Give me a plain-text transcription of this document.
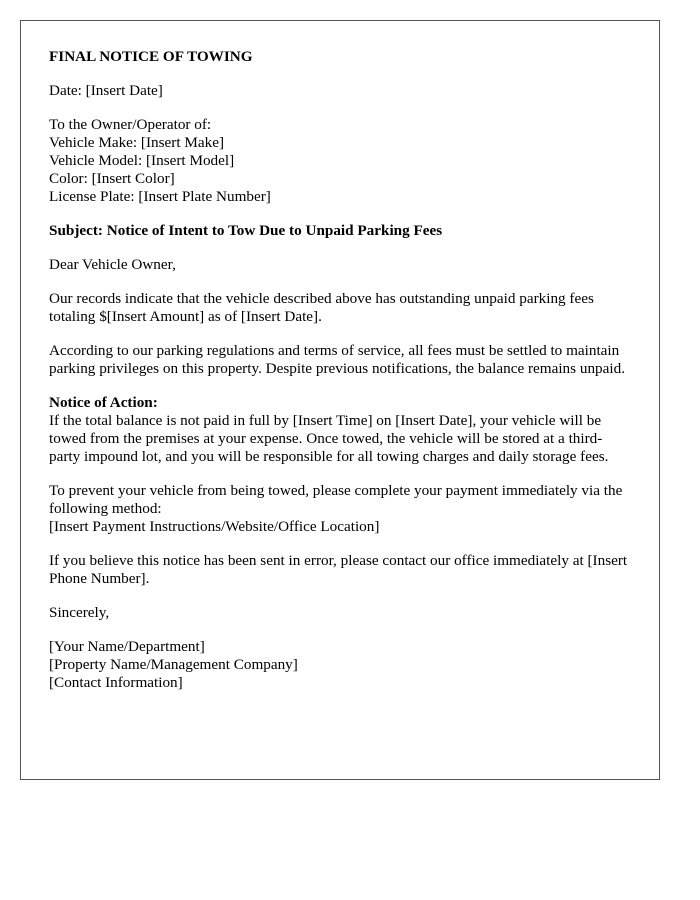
FINAL NOTICE OF TOWING
Date: [Insert Date]
To the Owner/Operator of:
Vehicle Make: [Insert Make]
Vehicle Model: [Insert Model]
Color: [Insert Color]
License Plate: [Insert Plate Number]
Subject: Notice of Intent to Tow Due to Unpaid Parking Fees
Dear Vehicle Owner,
Our records indicate that the vehicle described above has outstanding unpaid parking fees totaling $[Insert Amount] as of [Insert Date].
According to our parking regulations and terms of service, all fees must be settled to maintain parking privileges on this property. Despite previous notifications, the balance remains unpaid.
Notice of Action:
If the total balance is not paid in full by [Insert Time] on [Insert Date], your vehicle will be towed from the premises at your expense. Once towed, the vehicle will be stored at a third-party impound lot, and you will be responsible for all towing charges and daily storage fees.
To prevent your vehicle from being towed, please complete your payment immediately via the following method:
[Insert Payment Instructions/Website/Office Location]
If you believe this notice has been sent in error, please contact our office immediately at [Insert Phone Number].
Sincerely,
[Your Name/Department]
[Property Name/Management Company]
[Contact Information]
